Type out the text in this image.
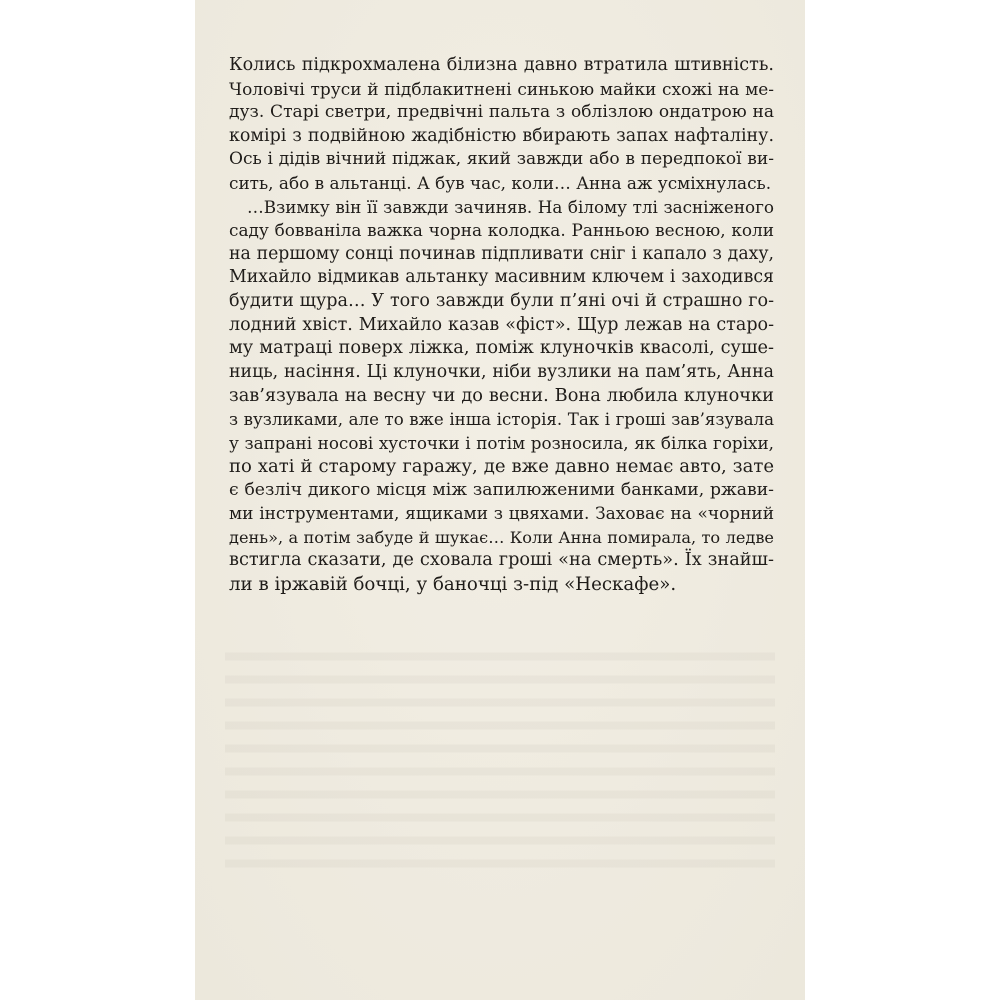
Колись підкрохмалена білизна давно втратила штивність.
Чоловічі труси й підблакитнені синькою майки схожі на ме-
дуз. Старі светри, предвічні пальта з облізлою ондатрою на
комірі з подвійною жадібністю вбирають запах нафталіну.
Ось і дідів вічний піджак, який завжди або в передпокої ви-
сить, або в альтанці. А був час, коли… Анна аж усміхнулась.
…Взимку він її завжди зачиняв. На білому тлі засніженого
саду бовваніла важка чорна колодка. Ранньою весною, коли
на першому сонці починав підпливати сніг і капало з даху,
Михайло відмикав альтанку масивним ключем і заходився
будити щура… У того завжди були п’яні очі й страшно го-
лодний хвіст. Михайло казав «фіст». Щур лежав на старо-
му матраці поверх ліжка, поміж клуночків квасолі, суше-
ниць, насіння. Ці клуночки, ніби вузлики на пам’ять, Анна
зав’язувала на весну чи до весни. Вона любила клуночки
з вузликами, але то вже інша історія. Так і гроші зав’язувала
у запрані носові хусточки і потім розносила, як білка горіхи,
по хаті й старому гаражу, де вже давно немає авто, зате
є безліч дикого місця між запилюженими банками, ржави-
ми інструментами, ящиками з цвяхами. Заховає на «чорний
день», а потім забуде й шукає… Коли Анна помирала, то ледве
встигла сказати, де сховала гроші «на смерть». Їх знайш-
ли в іржавій бочці, у баночці з-під «Нескафе».
